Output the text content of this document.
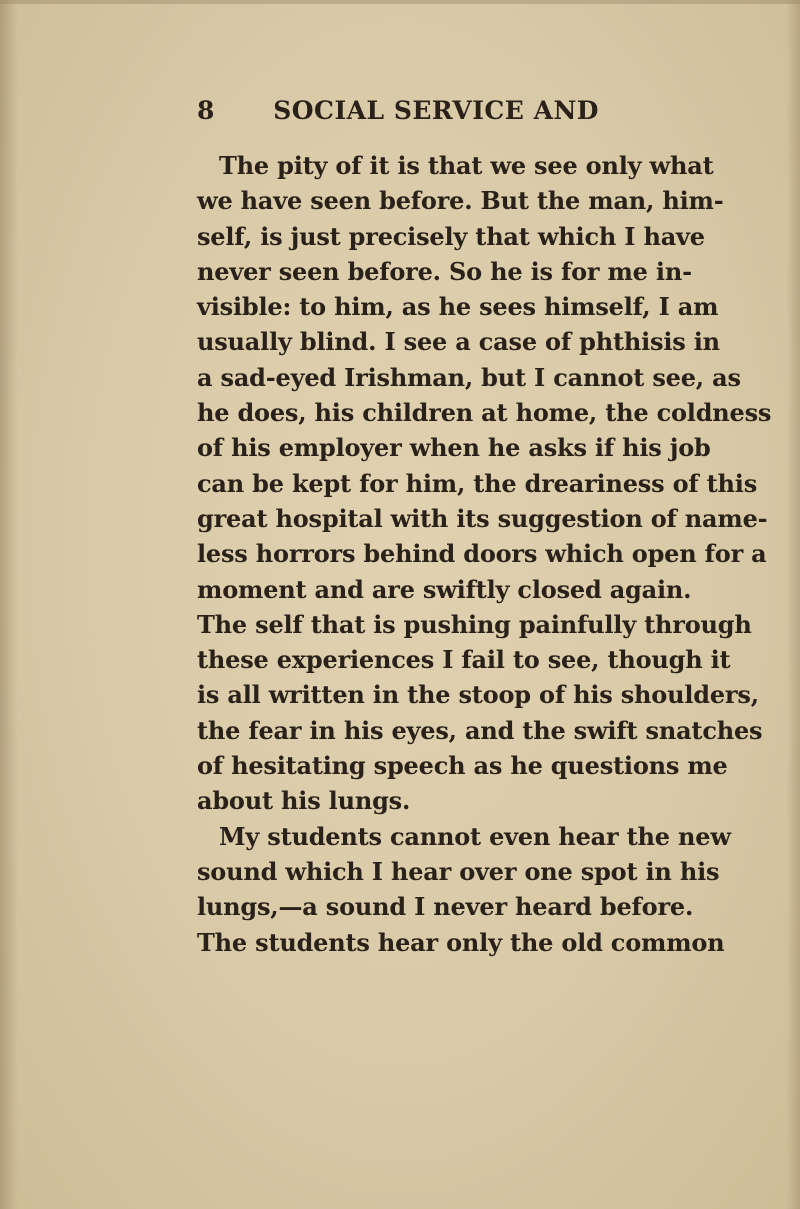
8 SOCIAL SERVICE AND
The pity of it is that we see only what
we have seen before. But the man, him-
self, is just precisely that which I have
never seen before. So he is for me in-
visible: to him, as he sees himself, I am
usually blind. I see a case of phthisis in
a sad-eyed Irishman, but I cannot see, as
he does, his children at home, the coldness
of his employer when he asks if his job
can be kept for him, the dreariness of this
great hospital with its suggestion of name-
less horrors behind doors which open for a
moment and are swiftly closed again.
The self that is pushing painfully through
these experiences I fail to see, though it
is all written in the stoop of his shoulders,
the fear in his eyes, and the swift snatches
of hesitating speech as he questions me
about his lungs.
My students cannot even hear the new
sound which I hear over one spot in his
lungs,—a sound I never heard before.
The students hear only the old common
